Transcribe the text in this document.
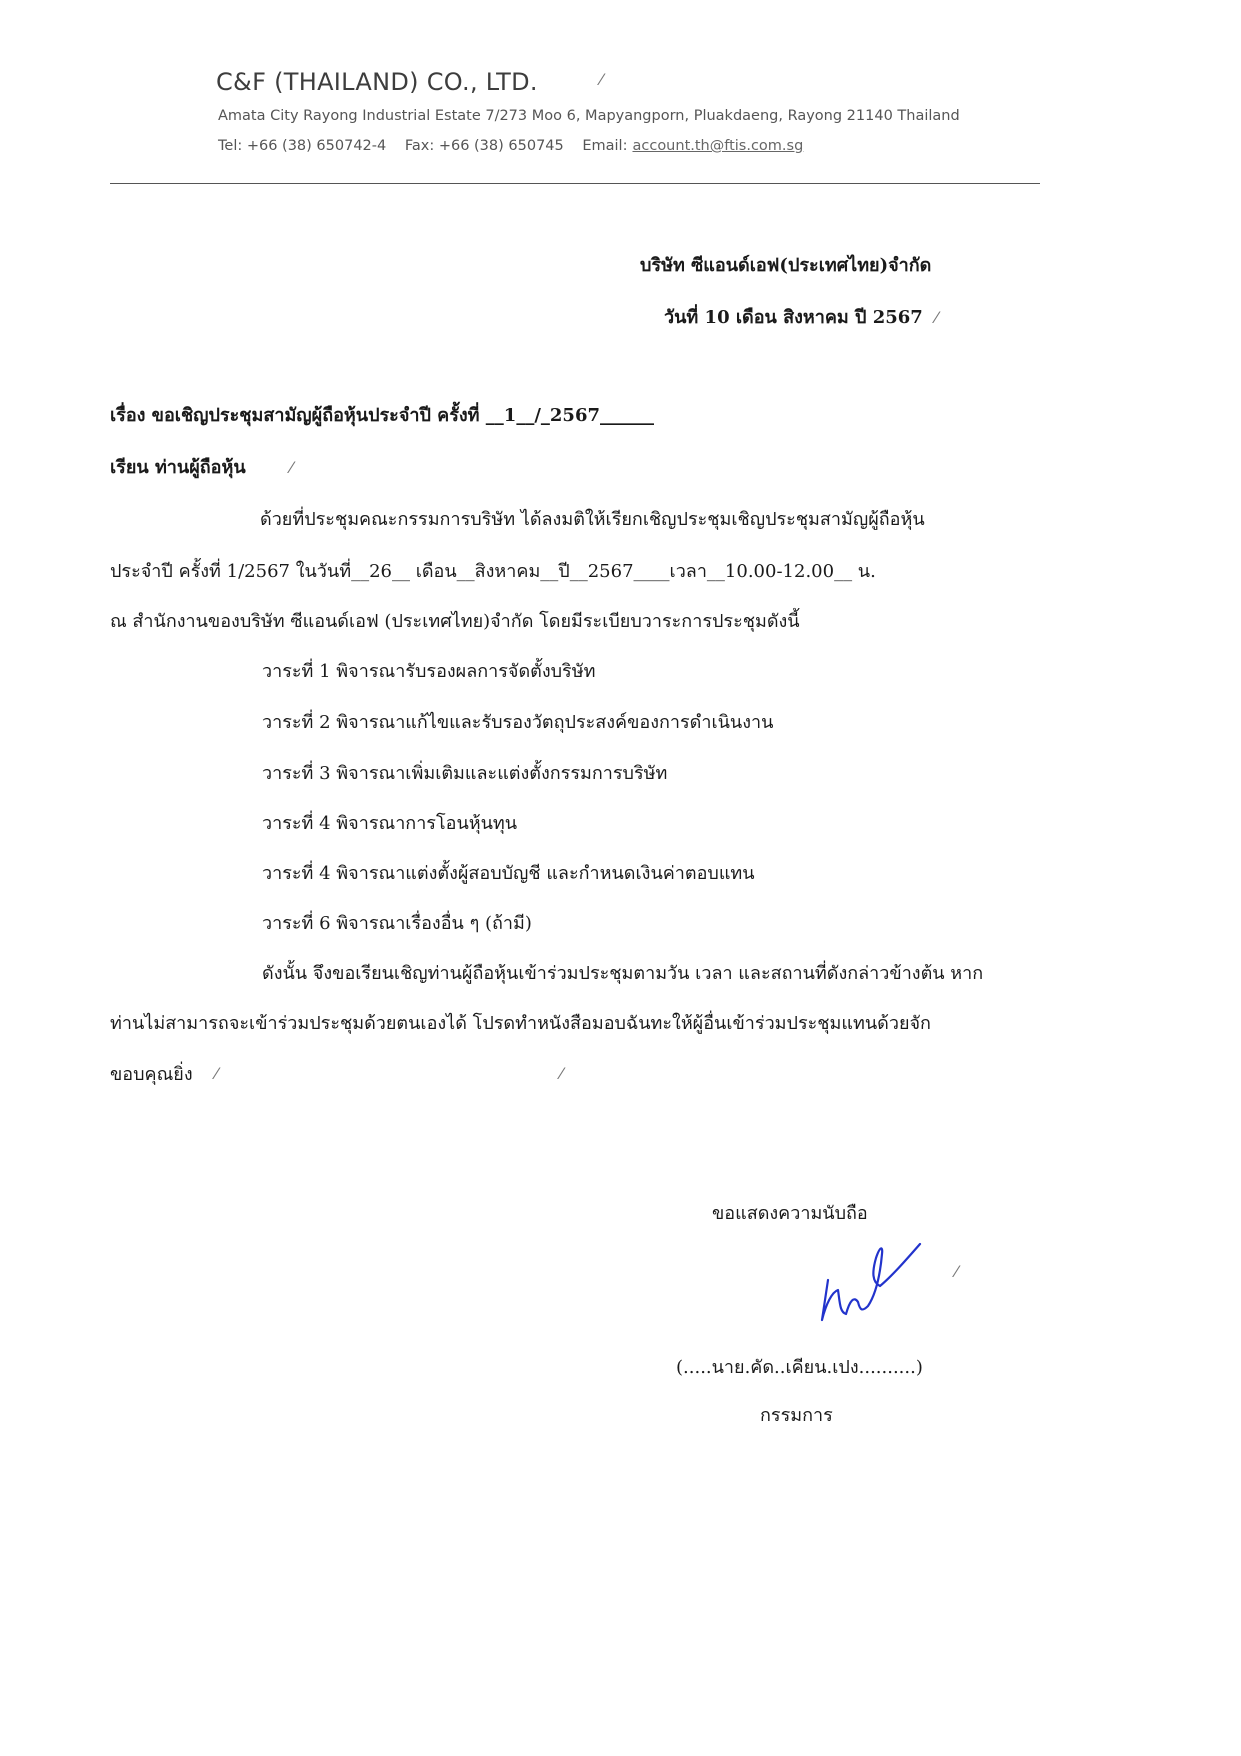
C&F (THAILAND) CO., LTD.
Amata City Rayong Industrial Estate 7/273 Moo 6, Mapyangporn, Pluakdaeng, Rayong 21140 Thailand
Tel: +66 (38) 650742-4 Fax: +66 (38) 650745 Email: account.th@ftis.com.sg
บริษัท ซีแอนด์เอฟ(ประเทศไทย)จำกัด
วันที่ 10 เดือน สิงหาคม ปี 2567
เรื่อง ขอเชิญประชุมสามัญผู้ถือหุ้นประจำปี ครั้งที่ __1__/_2567______
เรียน ท่านผู้ถือหุ้น
ด้วยที่ประชุมคณะกรรมการบริษัท ได้ลงมติให้เรียกเชิญประชุมเชิญประชุมสามัญผู้ถือหุ้น
ประจำปี ครั้งที่ 1/2567 ในวันที่__26__ เดือน__สิงหาคม__ปี__2567____เวลา__10.00-12.00__ น.
ณ สำนักงานของบริษัท ซีแอนด์เอฟ (ประเทศไทย)จำกัด โดยมีระเบียบวาระการประชุมดังนี้
วาระที่ 1 พิจารณารับรองผลการจัดตั้งบริษัท
วาระที่ 2 พิจารณาแก้ไขและรับรองวัตถุประสงค์ของการดำเนินงาน
วาระที่ 3 พิจารณาเพิ่มเติมและแต่งตั้งกรรมการบริษัท
วาระที่ 4 พิจารณาการโอนหุ้นทุน
วาระที่ 4 พิจารณาแต่งตั้งผู้สอบบัญชี และกำหนดเงินค่าตอบแทน
วาระที่ 6 พิจารณาเรื่องอื่น ๆ (ถ้ามี)
ดังนั้น จึงขอเรียนเชิญท่านผู้ถือหุ้นเข้าร่วมประชุมตามวัน เวลา และสถานที่ดังกล่าวข้างต้น หาก
ท่านไม่สามารถจะเข้าร่วมประชุมด้วยตนเองได้ โปรดทำหนังสือมอบฉันทะให้ผู้อื่นเข้าร่วมประชุมแทนด้วยจัก
ขอบคุณยิ่ง
ขอแสดงความนับถือ
(.....นาย.คัด..เคียน.เปง..........)
กรรมการ
⁄
⁄
⁄
⁄
⁄
⁄
